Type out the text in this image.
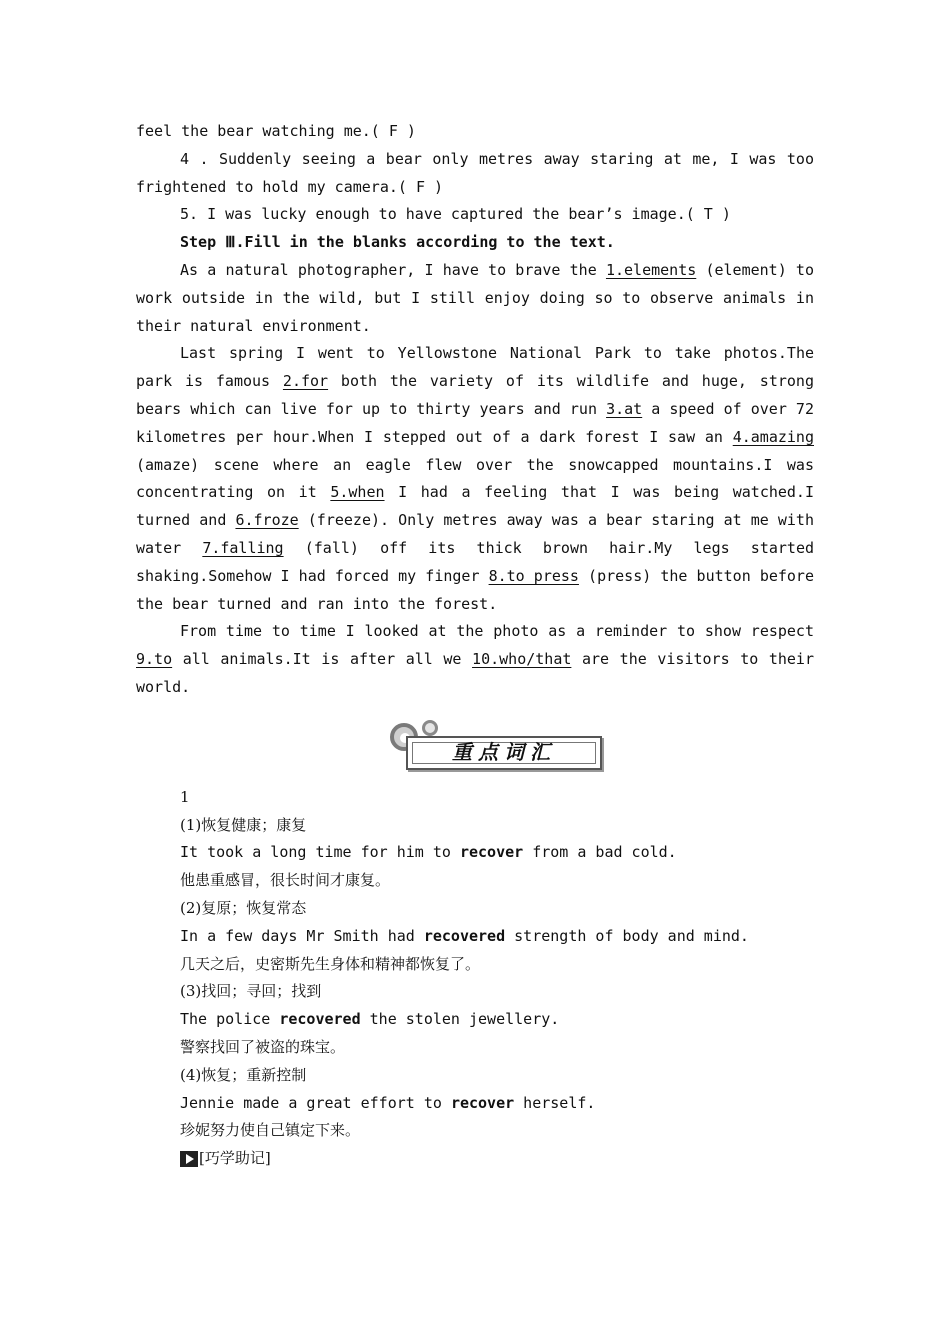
feel the bear watching me.( F )

4 . Suddenly seeing a bear only metres away staring at me, I was too frightened to hold my camera.( F )

5. I was lucky enough to have captured the bear’s image.( T )

Step Ⅲ.Fill in the blanks according to the text.

As a natural photographer, I have to brave the 1.elements (element) to work outside in the wild, but I still enjoy doing so to observe animals in their natural environment.

Last spring I went to Yellowstone National Park to take photos.The park is famous 2.for both the variety of its wildlife and huge, strong bears which can live for up to thirty years and run 3.at a speed of over 72 kilometres per hour.When I stepped out of a dark forest I saw an 4.amazing (amaze) scene where an eagle flew over the snowcapped mountains.I was concentrating on it 5.when I had a feeling that I was being watched.I turned and 6.froze (freeze). Only metres away was a bear staring at me with water 7.falling (fall) off its thick brown hair.My legs started shaking.Somehow I had forced my finger 8.to press (press) the button before the bear turned and ran into the forest.

From time to time I looked at the photo as a reminder to show respect 9.to all animals.It is after all we 10.who/that are the visitors to their world.

重点词汇

1

(1)恢复健康；康复

It took a long time for him to recover from a bad cold.

他患重感冒，很长时间才康复。

(2)复原；恢复常态

In a few days Mr Smith had recovered strength of body and mind.

几天之后，史密斯先生身体和精神都恢复了。

(3)找回；寻回；找到

The police recovered the stolen jewellery.

警察找回了被盗的珠宝。

(4)恢复；重新控制

Jennie made a great effort to recover herself.

珍妮努力使自己镇定下来。

[巧学助记]
